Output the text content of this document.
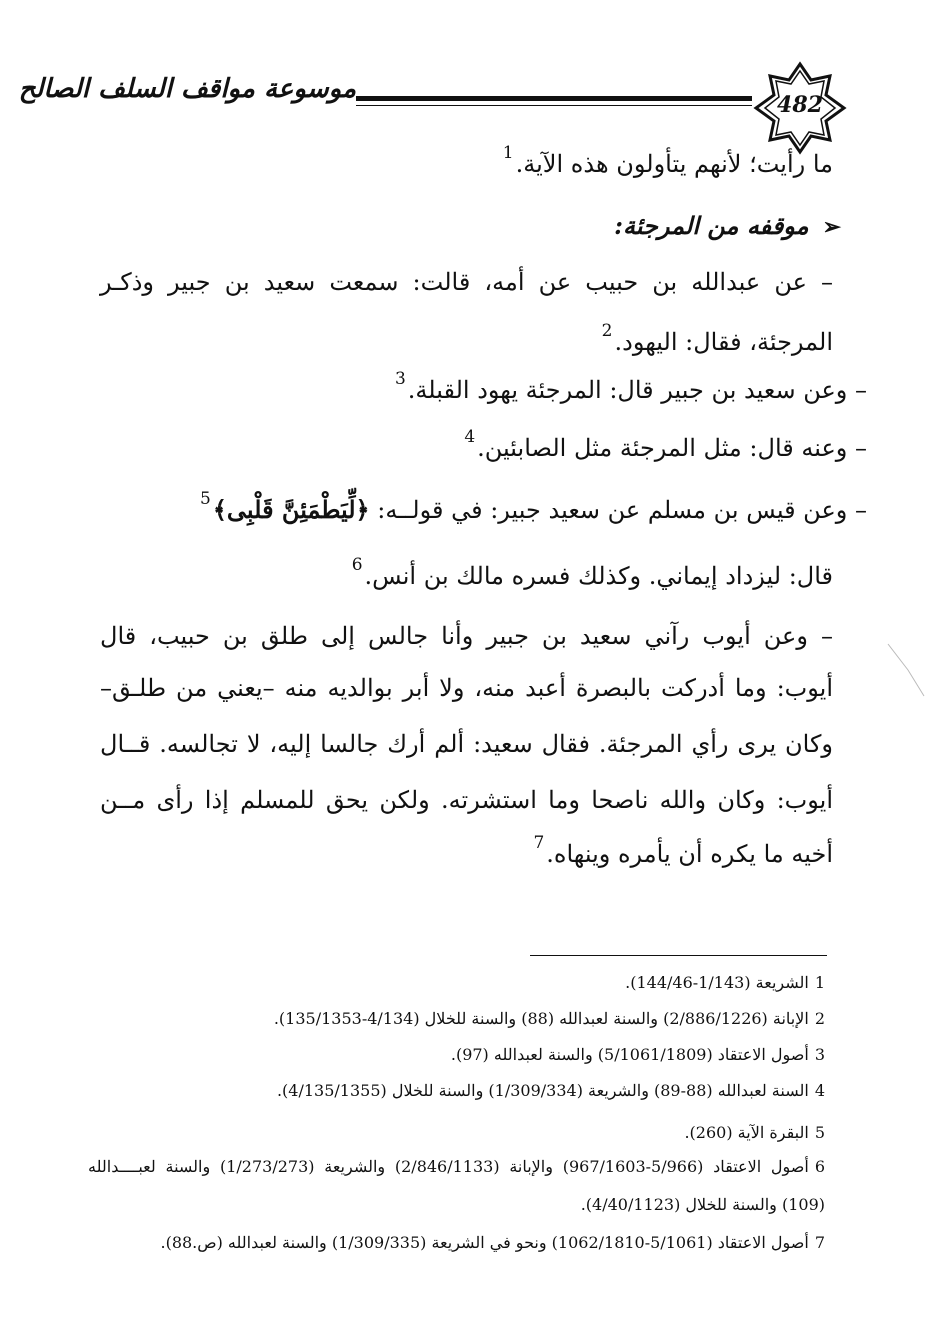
موسوعة مواقف السلف الصالح
482
ما رأيت؛ لأنهم يتأولون هذه الآية.$^1$
➢موقفه من المرجئة:
– عن عبدالله بن حبيب عن أمه، قالت: سمعت سعيد بن جبير وذكـر
المرجئة، فقال: اليهود.$^2$
– وعن سعيد بن جبير قال: المرجئة يهود القبلة.$^3$
– وعنه قال: مثل المرجئة مثل الصابئين.$^4$
– وعن قيس بن مسلم عن سعيد جبير: في قولــه: ﴿لِّيَطْمَئِنَّ قَلْبِى﴾$^5$
قال: ليزداد إيماني. وكذلك فسره مالك بن أنس.$^6$
– وعن أيوب رآني سعيد بن جبير وأنا جالس إلى طلق بن حبيب، قال
أيوب: وما أدركت بالبصرة أعبد منه، ولا أبر بوالديه منه –يعني من طلـق–
وكان يرى رأي المرجئة. فقال سعيد: ألم أرك جالسا إليه، لا تجالسه. قــال
أيوب: وكان والله ناصحا وما استشرته. ولكن يحق للمسلم إذا رأى مــن
أخيه ما يكره أن يأمره وينهاه.$^7$
1الشريعة (1/143-144/46).
2الإبانة (2/886/1226) والسنة لعبدالله (88) والسنة للخلال (4/134-135/1353).
3أصول الاعتقاد (5/1061/1809) والسنة لعبدالله (97).
4السنة لعبدالله (88-89) والشريعة (1/309/334) والسنة للخلال (4/135/1355).
5البقرة الآية (260).
6أصول الاعتقاد (5/966-967/1603) والإبانة (2/846/1133) والشريعة (1/273/273) والسنة لعبــــدالله
(109) والسنة للخلال (4/40/1123).
7أصول الاعتقاد (5/1061-1062/1810) ونحو في الشريعة (1/309/335) والسنة لعبدالله (ص.88).
